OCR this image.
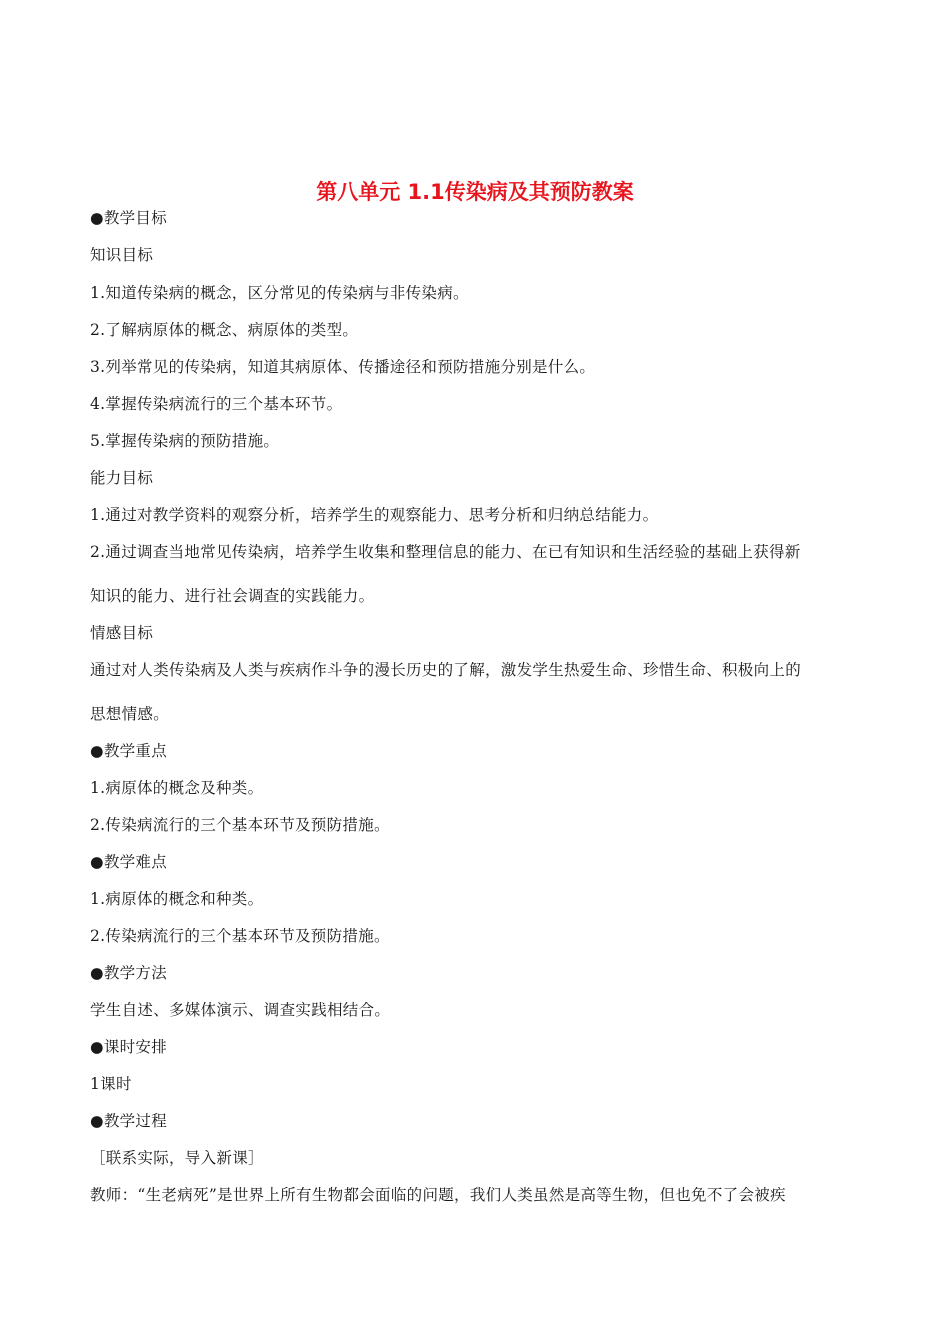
第八单元 1.1传染病及其预防教案
●教学目标
知识目标
1.知道传染病的概念，区分常见的传染病与非传染病。
2.了解病原体的概念、病原体的类型。
3.列举常见的传染病，知道其病原体、传播途径和预防措施分别是什么。
4.掌握传染病流行的三个基本环节。
5.掌握传染病的预防措施。
能力目标
1.通过对教学资料的观察分析，培养学生的观察能力、思考分析和归纳总结能力。
2.通过调查当地常见传染病，培养学生收集和整理信息的能力、在已有知识和生活经验的基础上获得新
知识的能力、进行社会调查的实践能力。
情感目标
通过对人类传染病及人类与疾病作斗争的漫长历史的了解，激发学生热爱生命、珍惜生命、积极向上的
思想情感。
●教学重点
1.病原体的概念及种类。
2.传染病流行的三个基本环节及预防措施。
●教学难点
1.病原体的概念和种类。
2.传染病流行的三个基本环节及预防措施。
●教学方法
学生自述、多媒体演示、调查实践相结合。
●课时安排
1课时
●教学过程
［联系实际，导入新课］
教师：“生老病死”是世界上所有生物都会面临的问题，我们人类虽然是高等生物，但也免不了会被疾
